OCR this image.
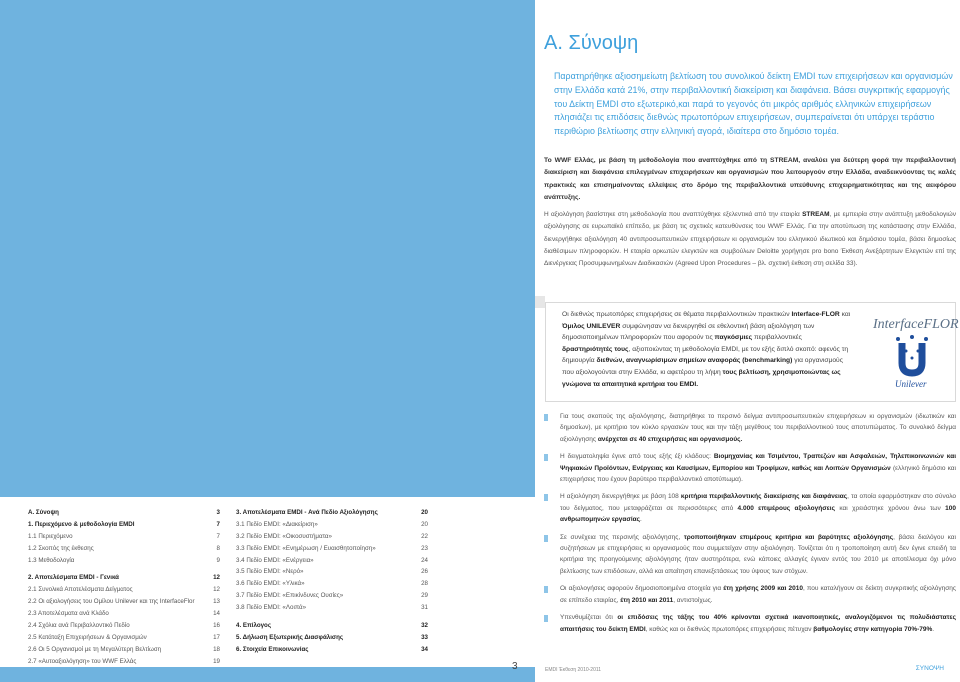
Α. Σύνοψη	3
1. Περιεχόμενο & μεθοδολογία EMDI	7
1.1 Περιεχόμενο	7
1.2 Σκοπός της έκθεσης	8
1.3 Μεθοδολογία	9
2. Αποτελέσματα EMDI - Γενικά	12
2.1 Συνολικά Αποτελέσματα Δείγματος	12
2.2 Οι αξιολογήσεις του Ομίλου Unilever και της InterfaceFlor	13
2.3 Αποτελέσματα ανά Κλάδο	14
2.4 Σχόλια ανά Περιβαλλοντικό Πεδίο	16
2.5 Κατάταξη Επιχειρήσεων & Οργανισμών	17
2.6 Οι 5 Οργανισμοί με τη Μεγαλύτερη Βελτίωση	18
2.7 «Αυτοαξιολόγηση» του WWF Ελλάς	19
3. Αποτελέσματα EMDI - Ανά Πεδίο Αξιολόγησης	20
3.1 Πεδίο EMDI: «Διακείριση»	20
3.2 Πεδίο EMDI: «Οικοσυστήματα»	22
3.3 Πεδίο EMDI: «Ενημέρωση / Ευαισθητοποίηση»	23
3.4 Πεδίο EMDI: «Ενέργεια»	24
3.5 Πεδίο EMDI: «Νερό»	26
3.6 Πεδίο EMDI: «Υλικά»	28
3.7 Πεδίο EMDI: «Επικίνδυνες Ουσίες»	29
3.8 Πεδίο EMDI: «Λοιπά»	31
4. Επίλογος	32
5. Δήλωση Εξωτερικής Διασφάλισης	33
6. Στοιχεία Επικοινωνίας	34
Α. Σύνοψη
Παρατηρήθηκε αξιοσημείωτη βελτίωση του συνολικού δείκτη EMDI των επιχειρήσεων και οργανισμών στην Ελλάδα κατά 21%, στην περιβαλλοντική διακείριση και διαφάνεια. Βάσει συγκριτικής εφαρμογής του Δείκτη EMDI στο εξωτερικό,και παρά το γεγονός ότι μικρός αριθμός ελληνικών επιχειρήσεων πλησιάζει τις επιδόσεις διεθνώς πρωτοπόρων επιχειρήσεων, συμπεραίνεται ότι υπάρχει τεράστιο περιθώριο βελτίωσης στην ελληνική αγορά, ιδιαίτερα στο δημόσιο τομέα.
Το WWF Ελλάς, με βάση τη μεθοδολογία που αναπτύχθηκε από τη STREAM, αναλύει για δεύτερη φορά την περιβαλλοντική διακείριση και διαφάνεια επιλεγμένων επιχειρήσεων και οργανισμών που λειτουργούν στην Ελλάδα, αναδεικνύοντας τις καλές πρακτικές και επισημαίνοντας ελλείψεις στο δρόμο της περιβαλλοντικά υπεύθυνης επιχειρηματικότητας και της αειφόρου ανάπτυξης.
Η αξιολόγηση βασίστηκε στη μεθοδολογία που αναπτύχθηκε εξελεντικά από την εταιρία STREAM, με εμπειρία στην ανάπτυξη μεθοδολογιών αξιολόγησης σε ευρωπαϊκό επίπεδο, με βάση τις σχετικές κατευθύνσεις του WWF Ελλάς. Για την αποτύπωση της κατάστασης στην Ελλάδα, διενεργήθηκε αξιολόγηση 40 αντιπροσωπευτικών επιχειρήσεων κι οργανισμών του ελληνικού ιδιωτικού και δημόσιου τομέα, βάσει δημοσίως διαθέσιμων πληροφοριών. Η εταιρία ορκωτών ελεγκτών και συμβούλων Deloitte χορήγησε pro bono Έκθεση Ανεξάρτητων Ελεγκτών επί της Διενέργειας Προσυμφωνημένων Διαδικασιών (Agreed Upon Procedures – βλ. σχετική έκθεση στη σελίδα 33).
Οι διεθνώς πρωτοπόρες επιχειρήσεις σε θέματα περιβαλλοντικών πρακτικών Interface-FLOR και Όμιλος UNILEVER συμφώνησαν να διενεργηθεί σε εθελοντική βάση αξιολόγηση των δημοσιοποιημένων πληροφοριών που αφορούν τις παγκόσμιες περιβαλλοντικές δραστηριότητές τους, αξιοποιώντας τη μεθοδολογία EMDI, με τον εξής διπλό σκοπό: αφενός τη δημιουργία διεθνών, αναγνωρίσιμων σημείων αναφοράς (benchmarking) για οργανισμούς που αξιολογούνται στην Ελλάδα, κι αφετέρου τη λήψη τους βελτίωση, χρησιμοποιώντας ως γνώμονα τα απαιτητικά κριτήρια του EMDI.
InterfaceFLOR
Unilever
Για τους σκοπούς της αξιολόγησης, διατηρήθηκε το περσινό δείγμα αντιπροσωπευτικών επιχειρήσεων κι οργανισμών (ιδιωτικών και δημοσίων), με κριτήριο τον κύκλο εργασιών τους και την τάξη μεγέθους του περιβαλλοντικού τους αποτυπώματος. Το συνολικό δείγμα αξιολόγησης ανέρχεται σε 40 επιχειρήσεις και οργανισμούς.
Η δειγματοληψία έγινε από τους εξής έξι κλάδους: Βιομηχανίας και Τσιμέντου, Τραπεζών και Ασφαλειών, Τηλεπικοινωνιών και Ψηφιακών Προϊόντων, Ενέργειας και Καυσίμων, Εμπορίου και Τροφίμων, καθώς και Λοιπών Οργανισμών (ελληνικό δημόσιο και επιχειρήσεις που έχουν βαρύτερο περιβαλλοντικό αποτύπωμα).
Η αξιολόγηση διενεργήθηκε με βάση 108 κριτήρια περιβαλλοντικής διακείρισης και διαφάνειας, τα οποία εφαρμόστηκαν στο σύνολο του δείγματος, που μεταφράζεται σε περισσότερες από 4.000 επιμέρους αξιολογήσεις και χρειάστηκε χρόνου άνω των 100 ανθρωπομηνών εργασίας.
Σε συνέχεια της περσινής αξιολόγησης, τροποποιήθηκαν επιμέρους κριτήρια και βαρύτητες αξιολόγησης, βάσει διαλόγου και συζητήσεων με επιχειρήσεις κι οργανισμούς που συμμετείχαν στην αξιολόγηση. Τονίζεται ότι η τροποποίηση αυτή δεν έγινε επειδή τα κριτήρια της προηγούμενης αξιολόγησης ήταν αυστηρότερα, ενώ κάποιες αλλαγές έγιναν εντός του 2010 με αποτέλεσμα όχι μόνο βελτίωσης των επιδόσεων, αλλά και απαίτηση επανεξετάσεως του ύψους των στόχων.
Οι αξιολογήσεις αφορούν δημοσιοποιημένα στοιχεία για έτη χρήσης 2009 και 2010, που καταλήγουν σε δείκτη συγκριτικής αξιολόγησης σε επίπεδο εταιρίας, έτη 2010 και 2011, αντιστοίχως.
Υπενθυμίζεται ότι οι επιδόσεις της τάξης του 40% κρίνονται σχετικά ικανοποιητικές, αναλογιζόμενοι τις πολυδιάστατες απαιτήσεις του δείκτη EMDI, καθώς και οι διεθνώς πρωτοπόρες επιχειρήσεις πέτυχαν βαθμολογίες στην κατηγορία 70%-79%.
3	EMDI Έκθεση 2010-2011	ΣΥΝΟΨΗ
